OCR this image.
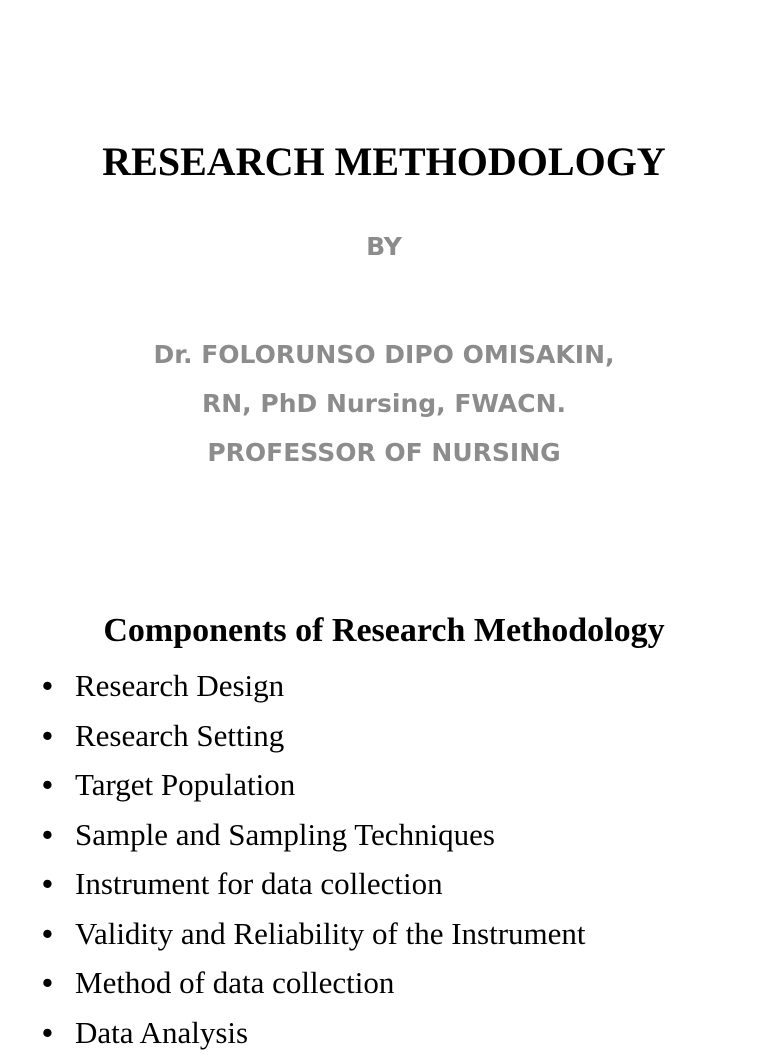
RESEARCH METHODOLOGY
BY
Dr. FOLORUNSO DIPO OMISAKIN,
RN, PhD Nursing, FWACN.
PROFESSOR OF NURSING
Components of Research Methodology
• Research Design
• Research Setting
• Target Population
• Sample and Sampling Techniques
• Instrument for data collection
• Validity and Reliability of the Instrument
• Method of data collection
• Data Analysis
